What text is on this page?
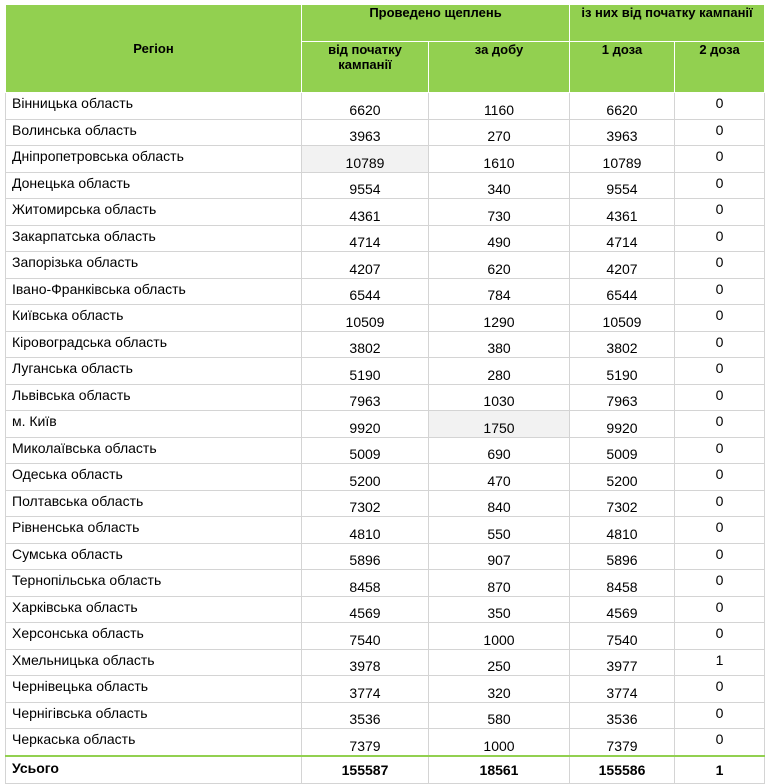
Регіон	Проведено щеплень		із них від початку кампанії	
	від початку кампанії	за добу	1 доза	2 доза
Вінницька область	6620	1160	6620	0
Волинська область	3963	270	3963	0
Дніпропетровська область	10789	1610	10789	0
Донецька область	9554	340	9554	0
Житомирська область	4361	730	4361	0
Закарпатська область	4714	490	4714	0
Запорізька область	4207	620	4207	0
Івано-Франківська область	6544	784	6544	0
Київська область	10509	1290	10509	0
Кіровоградська область	3802	380	3802	0
Луганська область	5190	280	5190	0
Львівська область	7963	1030	7963	0
м. Київ	9920	1750	9920	0
Миколаївська область	5009	690	5009	0
Одеська область	5200	470	5200	0
Полтавська область	7302	840	7302	0
Рівненська область	4810	550	4810	0
Сумська область	5896	907	5896	0
Тернопільська область	8458	870	8458	0
Харківська область	4569	350	4569	0
Херсонська область	7540	1000	7540	0
Хмельницька область	3978	250	3977	1
Чернівецька область	3774	320	3774	0
Чернігівська область	3536	580	3536	0
Черкаська область	7379	1000	7379	0
Усього	155587	18561	155586	1
